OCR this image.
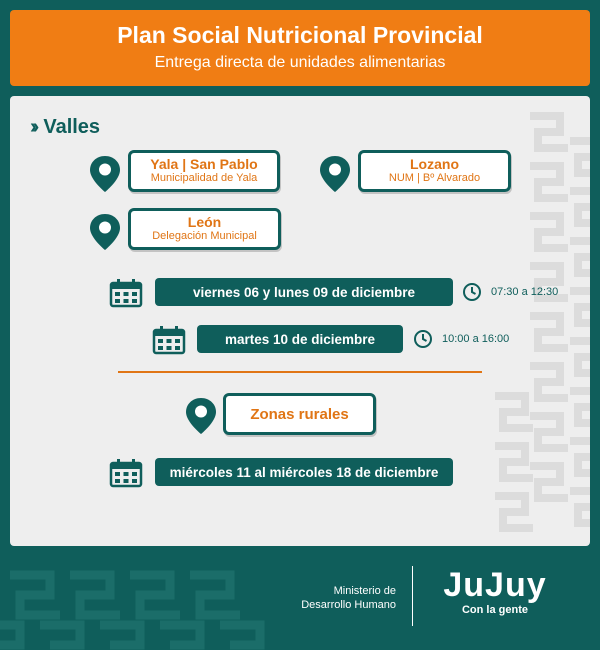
Plan Social Nutricional Provincial
Entrega directa de unidades alimentarias
›› Valles
Yala | San Pablo
Municipalidad de Yala
Lozano
NUM | Bº Alvarado
León
Delegación Municipal
viernes 06 y lunes 09 de diciembre	07:30 a 12:30
martes 10 de diciembre	10:00 a 16:00
Zonas rurales
miércoles 11 al miércoles 18 de diciembre
Ministerio de
Desarrollo Humano
JuJuy
Con la gente
